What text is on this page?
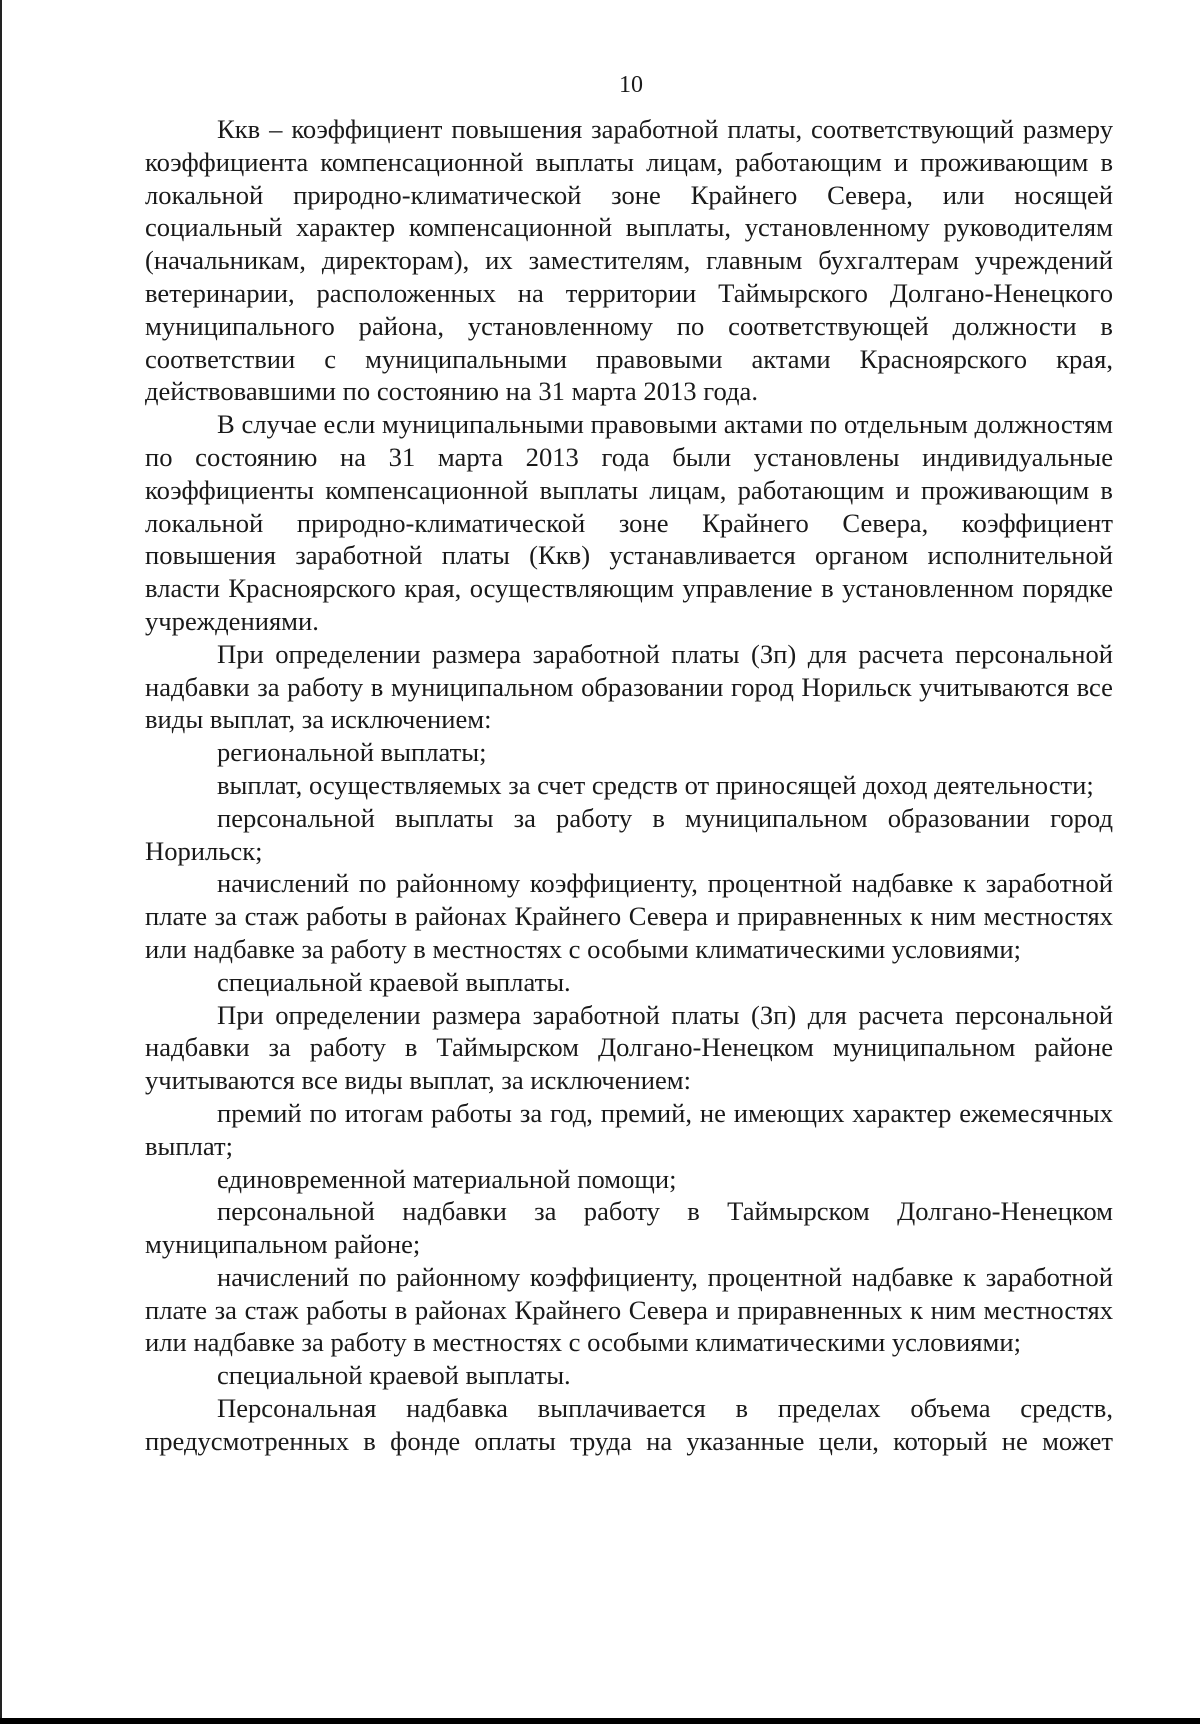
10

Ккв – коэффициент повышения заработной платы, соответствующий размеру коэффициента компенсационной выплаты лицам, работающим и проживающим в локальной природно-климатической зоне Крайнего Севера, или носящей социальный характер компенсационной выплаты, установленному руководителям (начальникам, директорам), их заместителям, главным бухгалтерам учреждений ветеринарии, расположенных на территории Таймырского Долгано-Ненецкого муниципального района, установленному по соответствующей должности в соответствии с муниципальными правовыми актами Красноярского края, действовавшими по состоянию на 31 марта 2013 года.

В случае если муниципальными правовыми актами по отдельным должностям по состоянию на 31 марта 2013 года были установлены индивидуальные коэффициенты компенсационной выплаты лицам, работающим и проживающим в локальной природно-климатической зоне Крайнего Севера, коэффициент повышения заработной платы (Ккв) устанавливается органом исполнительной власти Красноярского края, осуществляющим управление в установленном порядке учреждениями.

При определении размера заработной платы (Зп) для расчета персональной надбавки за работу в муниципальном образовании город Норильск учитываются все виды выплат, за исключением:

региональной выплаты;

выплат, осуществляемых за счет средств от приносящей доход деятельности;

персональной выплаты за работу в муниципальном образовании город Норильск;

начислений по районному коэффициенту, процентной надбавке к заработной плате за стаж работы в районах Крайнего Севера и приравненных к ним местностях или надбавке за работу в местностях с особыми климатическими условиями;

специальной краевой выплаты.

При определении размера заработной платы (Зп) для расчета персональной надбавки за работу в Таймырском Долгано-Ненецком муниципальном районе учитываются все виды выплат, за исключением:

премий по итогам работы за год, премий, не имеющих характер ежемесячных выплат;

единовременной материальной помощи;

персональной надбавки за работу в Таймырском Долгано-Ненецком муниципальном районе;

начислений по районному коэффициенту, процентной надбавке к заработной плате за стаж работы в районах Крайнего Севера и приравненных к ним местностях или надбавке за работу в местностях с особыми климатическими условиями;

специальной краевой выплаты.

Персональная надбавка выплачивается в пределах объема средств, предусмотренных в фонде оплаты труда на указанные цели, который не может
